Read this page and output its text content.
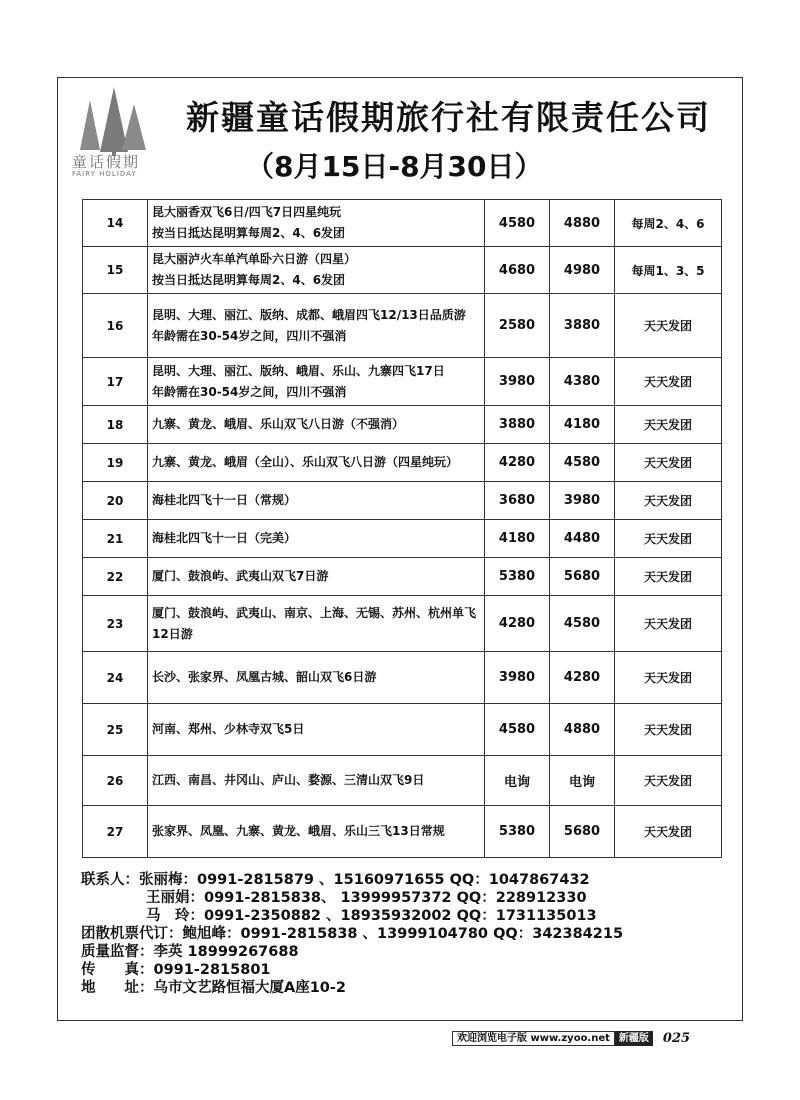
童话假期
FAIRY HOLIDAY
新疆童话假期旅行社有限责任公司
（8月15日-8月30日）
14	昆大丽香双飞6日/四飞7日四星纯玩
按当日抵达昆明算每周2、4、6发团	4580	4880	每周2、4、6
15	昆大丽泸火车单汽单卧六日游（四星）
按当日抵达昆明算每周2、4、6发团	4680	4980	每周1、3、5
16	昆明、大理、丽江、版纳、成都、峨眉四飞12/13日品质游
年龄需在30-54岁之间，四川不强消	2580	3880	天天发团
17	昆明、大理、丽江、版纳、峨眉、乐山、九寨四飞17日
年龄需在30-54岁之间，四川不强消	3980	4380	天天发团
18	九寨、黄龙、峨眉、乐山双飞八日游（不强消）	3880	4180	天天发团
19	九寨、黄龙、峨眉（全山）、乐山双飞八日游（四星纯玩）	4280	4580	天天发团
20	海桂北四飞十一日（常规）	3680	3980	天天发团
21	海桂北四飞十一日（完美）	4180	4480	天天发团
22	厦门、鼓浪屿、武夷山双飞7日游	5380	5680	天天发团
23	厦门、鼓浪屿、武夷山、南京、上海、无锡、苏州、杭州单飞
12日游	4280	4580	天天发团
24	长沙、张家界、凤凰古城、韶山双飞6日游	3980	4280	天天发团
25	河南、郑州、少林寺双飞5日	4580	4880	天天发团
26	江西、南昌、井冈山、庐山、婺源、三清山双飞9日	电询	电询	天天发团
27	张家界、凤凰、九寨、黄龙、峨眉、乐山三飞13日常规	5380	5680	天天发团
联系人：张丽梅：0991-2815879 、15160971655 QQ：1047867432
王丽娟：0991-2815838、 13999957372 QQ：228912330
马　玲：0991-2350882 、18935932002 QQ：1731135013
团散机票代订：鲍旭峰：0991-2815838 、13999104780 QQ：342384215
质量监督：李英 18999267688
传　　真：0991-2815801
地　　址：乌市文艺路恒福大厦A座10-2
欢迎浏览电子版 www.zyoo.net 新疆版	025
